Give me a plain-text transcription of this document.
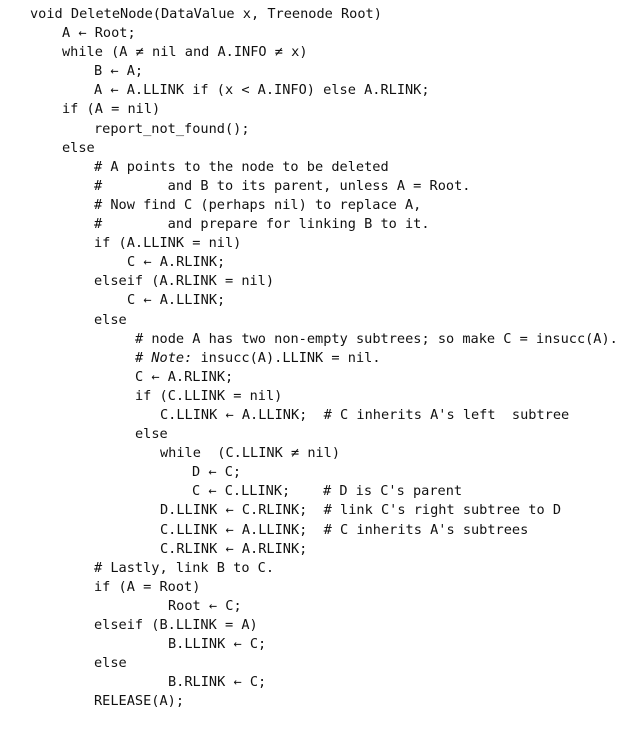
void DeleteNode(DataValue x, Treenode Root)
A ← Root;
while (A ≠ nil and A.INFO ≠ x)
B ← A;
A ← A.LLINK if (x < A.INFO) else A.RLINK;
if (A = nil)
report_not_found();
else
# A points to the node to be deleted
#        and B to its parent, unless A = Root.
# Now find C (perhaps nil) to replace A,
#        and prepare for linking B to it.
if (A.LLINK = nil)
C ← A.RLINK;
elseif (A.RLINK = nil)
C ← A.LLINK;
else
# node A has two non-empty subtrees; so make C = insucc(A).
# Note: insucc(A).LLINK = nil.
C ← A.RLINK;
if (C.LLINK = nil)
C.LLINK ← A.LLINK;  # C inherits A's left  subtree
else
while  (C.LLINK ≠ nil)
D ← C;
C ← C.LLINK;    # D is C's parent
D.LLINK ← C.RLINK;  # link C's right subtree to D
C.LLINK ← A.LLINK;  # C inherits A's subtrees
C.RLINK ← A.RLINK;
# Lastly, link B to C.
if (A = Root)
Root ← C;
elseif (B.LLINK = A)
B.LLINK ← C;
else
B.RLINK ← C;
RELEASE(A);
